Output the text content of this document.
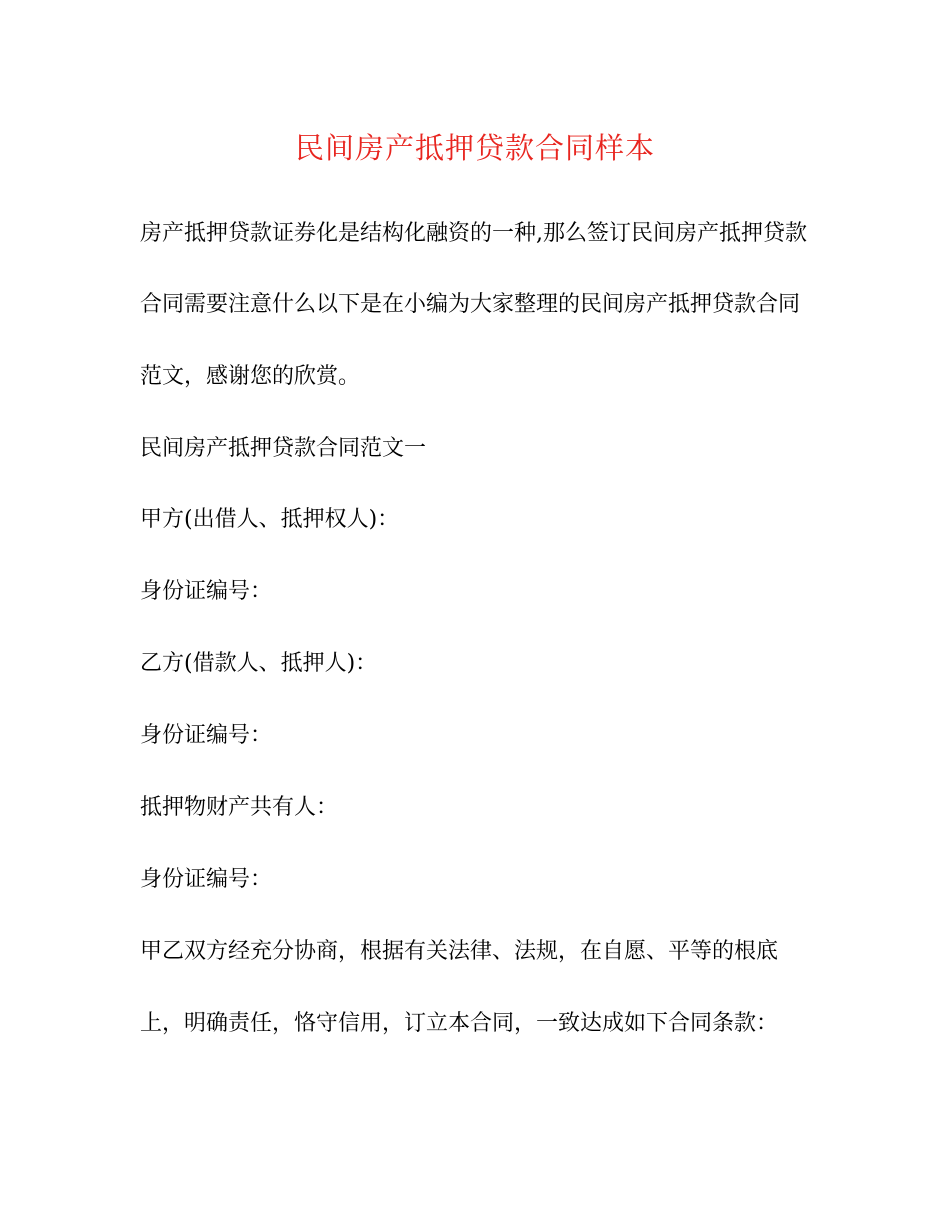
民间房产抵押贷款合同样本

房产抵押贷款证券化是结构化融资的一种,那么签订民间房产抵押贷款

合同需要注意什么以下是在小编为大家整理的民间房产抵押贷款合同

范文，感谢您的欣赏。

民间房产抵押贷款合同范文一

甲方(出借人、抵押权人)：

身份证编号：

乙方(借款人、抵押人)：

身份证编号：

抵押物财产共有人：

身份证编号：

甲乙双方经充分协商，根据有关法律、法规，在自愿、平等的根底

上，明确责任，恪守信用，订立本合同，一致达成如下合同条款：
